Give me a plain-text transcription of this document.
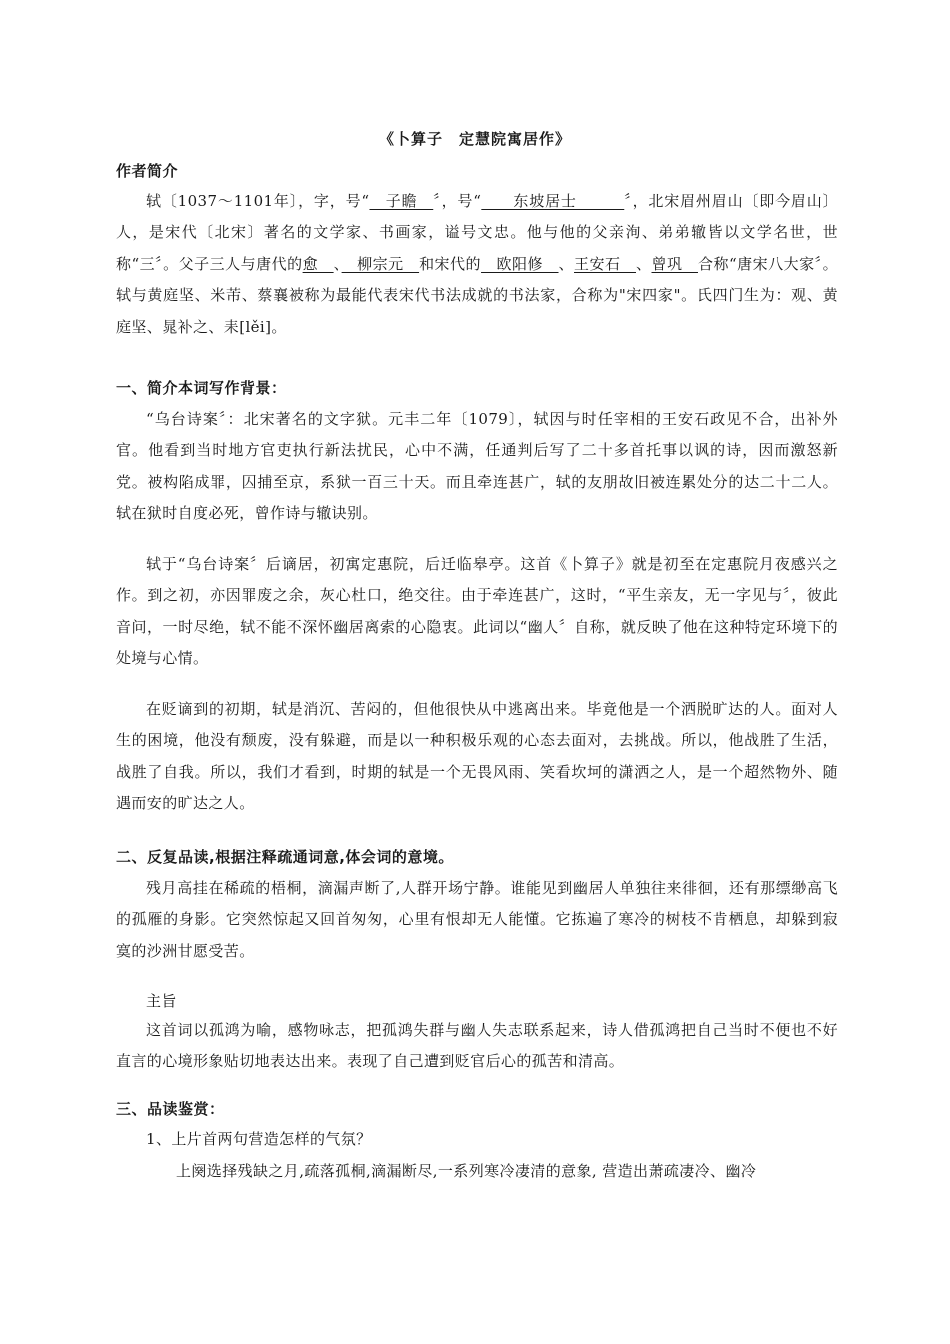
《卜算子　定慧院寓居作》
作者简介
轼〔1037～1101年〕，字，号“　子瞻　〞，号“　　东坡居士　　　〞，北宋眉州眉山〔即今眉山〕人，是宋代〔北宋〕著名的文学家、书画家，谥号文忠。他与他的父亲洵、弟弟辙皆以文学名世，世称“三〞。父子三人与唐代的愈　、　柳宗元　和宋代的　欧阳修　、王安石　、曾巩　合称“唐宋八大家〞。轼与黄庭坚、米芾、蔡襄被称为最能代表宋代书法成就的书法家，合称为"宋四家"。氏四门生为：观、黄庭坚、晁补之、耒[lěi]。
一、简介本词写作背景：
“乌台诗案〞：北宋著名的文字狱。元丰二年〔1079〕，轼因与时任宰相的王安石政见不合，出补外官。他看到当时地方官吏执行新法扰民，心中不满，任通判后写了二十多首托事以讽的诗，因而激怒新党。被构陷成罪，囚捕至京，系狱一百三十天。而且牵连甚广，轼的友朋故旧被连累处分的达二十二人。轼在狱时自度必死，曾作诗与辙诀别。
轼于“乌台诗案〞后谪居，初寓定惠院，后迁临皋亭。这首《卜算子》就是初至在定惠院月夜感兴之作。到之初，亦因罪废之余，灰心杜口，绝交往。由于牵连甚广，这时，“平生亲友，无一字见与〞，彼此音问，一时尽绝，轼不能不深怀幽居离索的心隐衷。此词以“幽人〞自称，就反映了他在这种特定环境下的处境与心情。
在贬谪到的初期，轼是消沉、苦闷的，但他很快从中逃离出来。毕竟他是一个洒脱旷达的人。面对人生的困境，他没有颓废，没有躲避，而是以一种积极乐观的心态去面对，去挑战。所以，他战胜了生活，战胜了自我。所以，我们才看到，时期的轼是一个无畏风雨、笑看坎坷的潇洒之人，是一个超然物外、随遇而安的旷达之人。
二、反复品读,根据注释疏通词意,体会词的意境。
残月高挂在稀疏的梧桐，滴漏声断了,人群开场宁静。谁能见到幽居人单独往来徘徊，还有那缥缈高飞的孤雁的身影。它突然惊起又回首匆匆，心里有恨却无人能懂。它拣遍了寒冷的树枝不肯栖息，却躲到寂寞的沙洲甘愿受苦。
主旨
这首词以孤鸿为喻，感物咏志，把孤鸿失群与幽人失志联系起来，诗人借孤鸿把自己当时不便也不好直言的心境形象贴切地表达出来。表现了自己遭到贬官后心的孤苦和清高。
三、品读鉴赏：
1、上片首两句营造怎样的气氛？
上阕选择残缺之月,疏落孤桐,滴漏断尽,一系列寒冷凄清的意象, 营造出萧疏凄冷、幽冷
